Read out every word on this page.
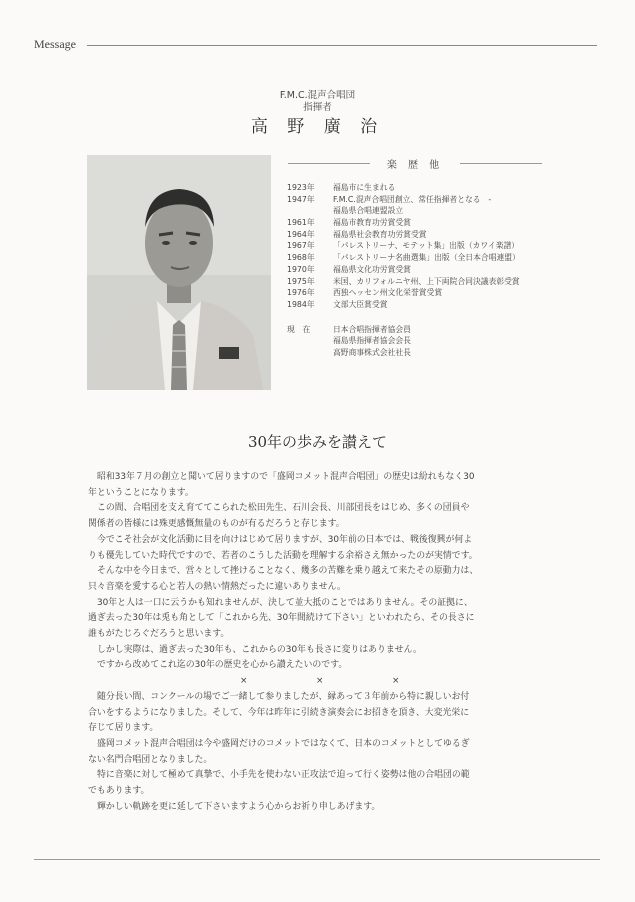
Message
F.M.C.混声合唱団
指揮者
高 野 廣 治
楽 歴 他
1923年 福島市に生まれる
1947年 F.M.C.混声合唱団創立、常任指揮者となる　-
福島県合唱連盟設立
1961年 福島市教育功労賞受賞
1964年 福島県社会教育功労賞受賞
1967年 「パレストリーナ、モテット集」出版（カワイ楽譜）
1968年 「パレストリーナ名曲選集」出版（全日本合唱連盟）
1970年 福島県文化功労賞受賞
1975年 米国、カリフォルニヤ州、上下両院合同決議表彰受賞
1976年 西独ヘッセン州文化栄誉賞受賞
1984年 文部大臣賞受賞
現　在	日本合唱指揮者協会員
福島県指揮者協会会長
高野商事株式会社社長
30年の歩みを讃えて
昭和33年７月の創立と聞いて居りますので「盛岡コメット混声合唱団」の歴史は紛れもなく30
年ということになります。
この間、合唱団を支え育ててこられた松田先生、石川会長、川部団長をはじめ、多くの団員や
関係者の皆様には殊更感慨無量のものが有るだろうと存じます。
今でこそ社会が文化活動に目を向けはじめて居りますが、30年前の日本では、戦後復興が何よ
りも優先していた時代ですので、若者のこうした活動を理解する余裕さえ無かったのが実情です。
そんな中を今日まで、営々として挫けることなく、幾多の苦難を乗り越えて来たその原動力は、
只々音楽を愛する心と若人の熱い情熱だったに違いありません。
30年と人は一口に云うかも知れませんが、決して並大抵のことではありません。その証拠に、
過ぎ去った30年は兎も角として「これから先、30年間続けて下さい」といわれたら、その長さに
誰もがたじろぐだろうと思います。
しかし実際は、過ぎ去った30年も、これからの30年も長さに変りはありません。
ですから改めてこれ迄の30年の歴史を心から讃えたいのです。
×	×	×
随分長い間、コンクールの場でご一緒して参りましたが、縁あって３年前から特に親しいお付
合いをするようになりました。そして、今年は昨年に引続き演奏会にお招きを頂き、大変光栄に
存じて居ります。
盛岡コメット混声合唱団は今や盛岡だけのコメットではなくて、日本のコメットとしてゆるぎ
ない名門合唱団となりました。
特に音楽に対して極めて真摯で、小手先を使わない正攻法で迫って行く姿勢は他の合唱団の範
でもあります。
輝かしい軌跡を更に延して下さいますよう心からお祈り申しあげます。
